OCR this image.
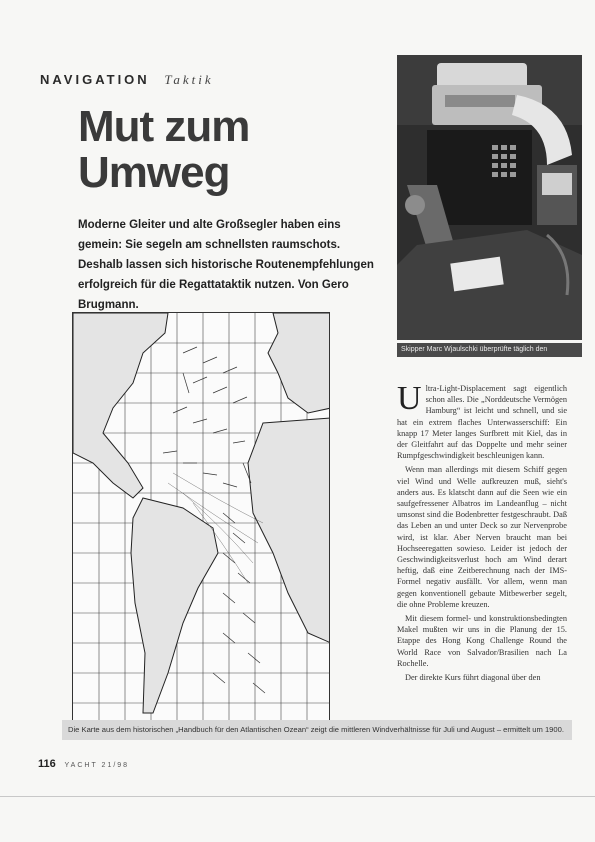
NAVIGATION Taktik
Mut zum
Umweg
Moderne Gleiter und alte Großsegler haben eins gemein: Sie segeln am schnellsten raumschots. Deshalb lassen sich historische Routenempfehlungen erfolgreich für die Regattataktik nutzen. Von Gero Brugmann.
Skipper Marc Wjaulschki überprüfte täglich den
Die Karte aus dem historischen „Handbuch für den Atlantischen Ozean“ zeigt die mittleren Windverhältnisse für Juli und August – ermittelt um 1900.

Ultra-Light-Displacement sagt eigentlich schon alles. Die „Norddeutsche Vermögen Hamburg“ ist leicht und schnell, und sie hat ein extrem flaches Unterwasserschiff: Ein knapp 17 Meter langes Surfbrett mit Kiel, das in der Gleitfahrt auf das Doppelte und mehr seiner Rumpfgeschwindigkeit beschleunigen kann.

Wenn man allerdings mit diesem Schiff gegen viel Wind und Welle aufkreuzen muß, sieht's anders aus. Es klatscht dann auf die Seen wie ein saufgefressener Albatros im Landeanflug – nicht umsonst sind die Bodenbretter festgeschraubt. Daß das Leben an und unter Deck so zur Nervenprobe wird, ist klar. Aber Nerven braucht man bei Hochseeregatten sowieso. Leider ist jedoch der Geschwindigkeitsverlust hoch am Wind derart heftig, daß eine Zeitberechnung nach der IMS-Formel negativ ausfällt. Vor allem, wenn man gegen konventionell gebaute Mitbewerber segelt, die ohne Probleme kreuzen.

Mit diesem formel- und konstruktionsbedingten Makel mußten wir uns in die Planung der 15. Etappe des Hong Kong Challenge Round the World Race von Salvador/Brasilien nach La Rochelle.

Der direkte Kurs führt diagonal über den

116 YACHT 21/98
